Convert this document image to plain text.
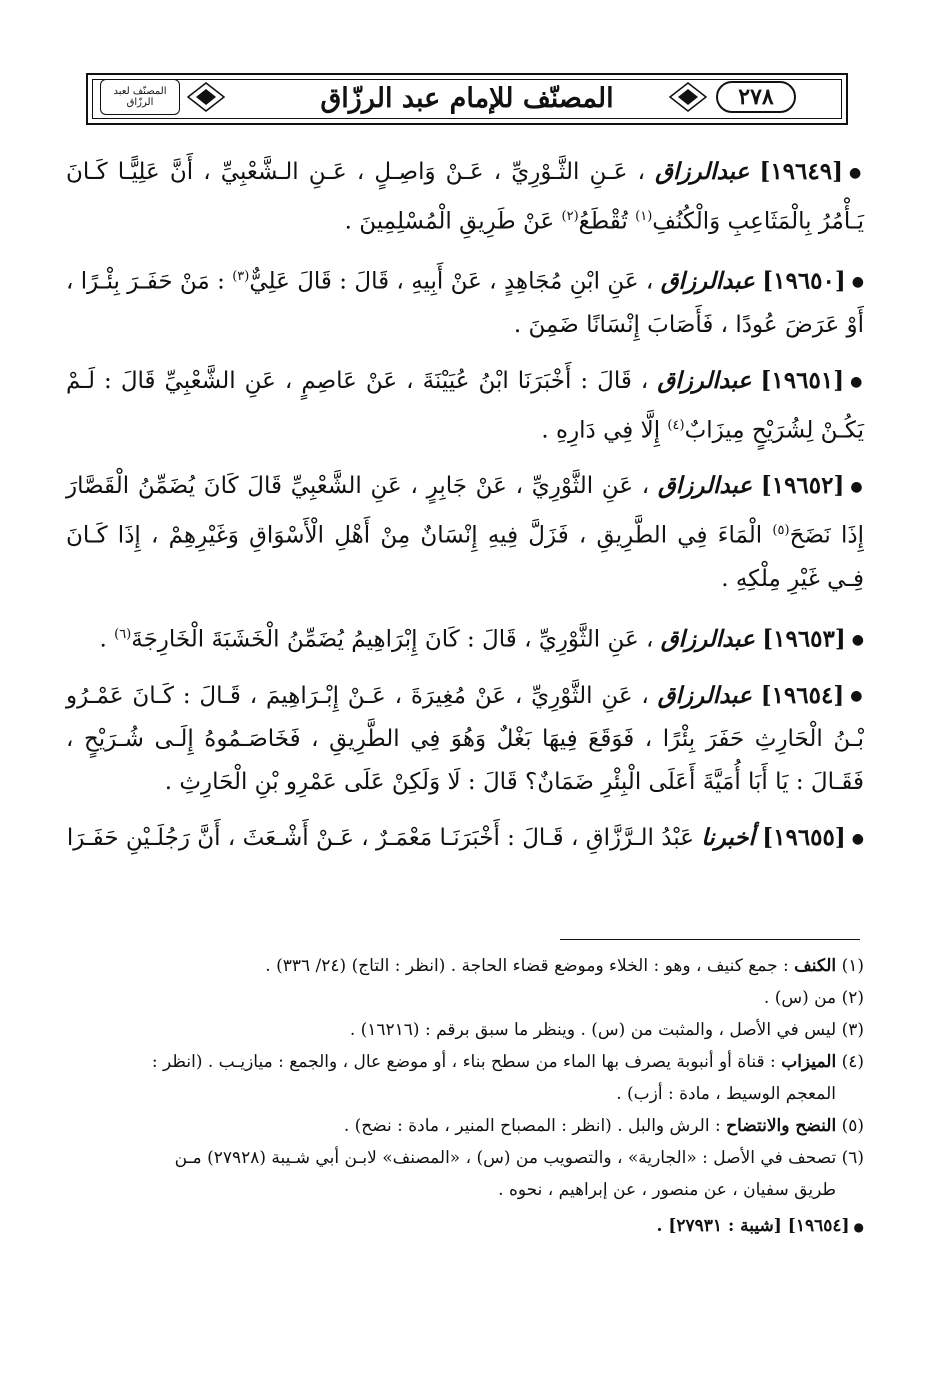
المصنّف لعبد الرزّاق	المصنّف للإمام عبد الرزّاق	٢٧٨

●[١٩٦٤٩] عبدالرزاق ، عَـنِ الثَّـوْرِيِّ ، عَـنْ وَاصِـلٍ ، عَـنِ الـشَّعْبِيِّ ، أَنَّ عَلِيًّـا كَـانَ يَـأْمُرُ بِالْمَثَاعِبِ وَالْكُنُفِ$^{(١)}$ تُقْطَعُ$^{(٢)}$ عَنْ طَرِيقِ الْمُسْلِمِينَ .

●[١٩٦٥٠] عبدالرزاق ، عَنِ ابْنِ مُجَاهِدٍ ، عَنْ أَبِيهِ ، قَالَ : قَالَ عَلِيٌّ$^{(٣)}$ : مَنْ حَفَـرَ بِئْـرًا ، أَوْ عَرَضَ عُودًا ، فَأَصَابَ إِنْسَانًا ضَمِنَ .

●[١٩٦٥١] عبدالرزاق ، قَالَ : أَخْبَرَنَا ابْنُ عُيَيْنَةَ ، عَنْ عَاصِمٍ ، عَنِ الشَّعْبِيِّ قَالَ : لَـمْ يَكُـنْ لِشُرَيْحٍ مِيزَابٌ$^{(٤)}$ إِلَّا فِي دَارِهِ .

●[١٩٦٥٢] عبدالرزاق ، عَنِ الثَّوْرِيِّ ، عَنْ جَابِرٍ ، عَنِ الشَّعْبِيِّ قَالَ كَانَ يُضَمِّنُ الْقَصَّارَ إِذَا نَضَحَ$^{(٥)}$ الْمَاءَ فِي الطَّرِيقِ ، فَزَلَّ فِيهِ إِنْسَانٌ مِنْ أَهْلِ الْأَسْوَاقِ وَغَيْرِهِمْ ، إِذَا كَـانَ فِـي غَيْرِ مِلْكِهِ .

●[١٩٦٥٣] عبدالرزاق ، عَنِ الثَّوْرِيِّ ، قَالَ : كَانَ إِبْرَاهِيمُ يُضَمِّنُ الْخَشَبَةَ الْخَارِجَةَ$^{(٦)}$ .

●[١٩٦٥٤] عبدالرزاق ، عَنِ الثَّوْرِيِّ ، عَنْ مُغِيرَةَ ، عَـنْ إِبْـرَاهِيمَ ، قَـالَ : كَـانَ عَمْـرُو بْـنُ الْحَارِثِ حَفَرَ بِئْرًا ، فَوَقَعَ فِيهَا بَغْلٌ وَهُوَ فِي الطَّرِيقِ ، فَخَاصَـمُوهُ إِلَـى شُـرَيْحٍ ، فَقَـالَ : يَا أَبَا أُمَيَّةَ أَعَلَى الْبِئْرِ ضَمَانٌ؟ قَالَ : لَا وَلَكِنْ عَلَى عَمْرِو بْنِ الْحَارِثِ .

●[١٩٦٥٥] أخبرنا عَبْدُ الـرَّزَّاقِ ، قَـالَ : أَخْبَرَنَـا مَعْمَـرٌ ، عَـنْ أَشْـعَثَ ، أَنَّ رَجُلَـيْنِ حَفَـرَا

(١) الكنف : جمع كنيف ، وهو : الخلاء وموضع قضاء الحاجة . (انظر : التاج) (٢٤/ ٣٣٦) .

(٢) من (س) .

(٣) ليس في الأصل ، والمثبت من (س) . وينظر ما سبق برقم : (١٦٢١٦) .

(٤) الميزاب : قناة أو أنبوبة يصرف بها الماء من سطح بناء ، أو موضع عال ، والجمع : ميازيـب . (انظر :
المعجم الوسيط ، مادة : أزب) .

(٥) النضح والانتضاح : الرش والبل . (انظر : المصباح المنير ، مادة : نضح) .

(٦) تصحف في الأصل : «الجارية» ، والتصويب من (س) ، «المصنف» لابـن أبي شـيبة (٢٧٩٢٨) مـن
طريق سفيان ، عن منصور ، عن إبراهيم ، نحوه .

●[١٩٦٥٤] [شيبة : ٢٧٩٣١] .
